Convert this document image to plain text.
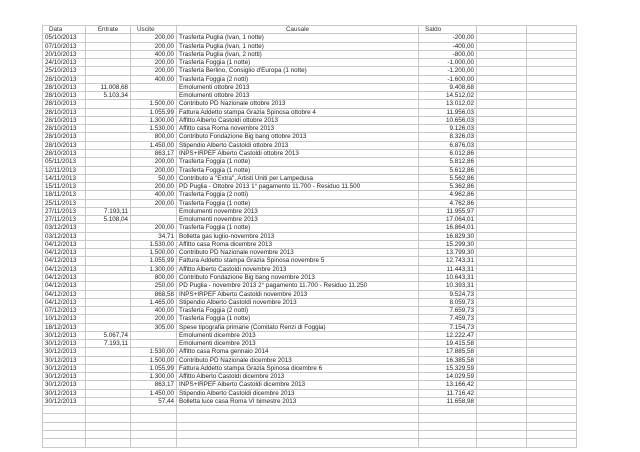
Data	Entrate	Uscite	Causale	Saldo		
05/10/2013		200,00	Trasferta Puglia (Ivan, 1 notte)	-200,00		
07/10/2013		200,00	Trasferta Puglia (Ivan, 1 notte)	-400,00		
20/10/2013		400,00	Trasferta Puglia (Ivan, 2 notti)	-800,00		
24/10/2013		200,00	Trasferta Foggia (1 notte)	-1.000,00		
25/10/2013		200,00	Trasferta Berlino, Consiglio d'Europa (1 notte)	-1.200,00		
28/10/2013		400,00	Trasferta Foggia (2 notti)	-1.600,00		
28/10/2013	11.008,68		Emolumenti ottobre 2013	9.408,68		
28/10/2013	5.103,34		Emolumenti ottobre 2013	14.512,02		
28/10/2013		1.500,00	Contributo PD Nazionale ottobre 2013	13.012,02		
28/10/2013		1.055,99	Fattura Addetto stampa Grazia Spinosa ottobre 4	11.956,03		
28/10/2013		1.300,00	Affitto Alberto Castoldi ottobre 2013	10.656,03		
28/10/2013		1.530,00	Affitto casa Roma novembre 2013	9.126,03		
28/10/2013		800,00	Contributo Fondazione Big bang ottobre 2013	8.326,03		
28/10/2013		1.450,00	Stipendio Alberto Castoldi ottobre 2013	6.876,03		
28/10/2013		863,17	INPS+IRPEF Alberto Castoldi ottobre 2013	6.012,86		
05/11/2013		200,00	Trasferta Foggia (1 notte)	5.812,86		
12/11/2013		200,00	Trasferta Foggia (1 notte)	5.612,86		
14/11/2013		50,00	Contributo a "Extra", Artisti Uniti per Lampedusa	5.562,86		
15/11/2013		200,00	PD Puglia - Ottobre 2013 1° pagamento 11.700 - Residuo 11.500	5.362,86		
18/11/2013		400,00	Trasferta Foggia (2 notti)	4.962,86		
25/11/2013		200,00	Trasferta Foggia (1 notte)	4.762,86		
27/11/2013	7.193,11		Emolumenti novembre 2013	11.955,97		
27/11/2013	5.108,04		Emolumenti novembre 2013	17.064,01		
03/12/2013		200,00	Trasferta Foggia (1 notte)	16.864,01		
03/12/2013		34,71	Bolletta gas luglio-novembre 2013	16.829,30		
04/12/2013		1.530,00	Affitto casa Roma dicembre 2013	15.299,30		
04/12/2013		1.500,00	Contributo PD Nazionale novembre 2013	13.799,30		
04/12/2013		1.055,99	Fattura Addetto stampa Grazia Spinosa novembre 5	12.743,31		
04/12/2013		1.300,00	Affitto Alberto Castoldi novembre 2013	11.443,31		
04/12/2013		800,00	Contributo Fondazione Big bang novembre 2013	10.643,31		
04/12/2013		250,00	PD Puglia - novembre 2013 2° pagamento 11.700 - Residuo 11.250	10.393,31		
04/12/2013		868,58	INPS+IRPEF Alberto Castoldi novembre 2013	9.524,73		
04/12/2013		1.465,00	Stipendio Alberto Castoldi novembre 2013	8.059,73		
07/12/2013		400,00	Trasferta Foggia (2 notti)	7.659,73		
10/12/2013		200,00	Trasferta Foggia (1 notte)	7.459,73		
18/12/2013		305,00	Spese tipografia primarie (Comitato Renzi di Foggia)	7.154,73		
30/12/2013	5.067,74		Emolumenti dicembre 2013	12.222,47		
30/12/2013	7.193,11		Emolumenti dicembre 2013	19.415,58		
30/12/2013		1.530,00	Affitto casa Roma gennaio 2014	17.885,58		
30/12/2013		1.500,00	Contributo PD Nazionale dicembre 2013	16.385,58		
30/12/2013		1.055,99	Fattura Addetto stampa Grazia Spinosa dicembre 6	15.329,59		
30/12/2013		1.300,00	Affitto Alberto Castoldi dicembre 2013	14.029,59		
30/12/2013		863,17	INPS+IRPEF Alberto Castoldi dicembre 2013	13.166,42		
30/12/2013		1.450,00	Stipendio Alberto Castoldi dicembre 2013	11.716,42		
30/12/2013		57,44	Bolletta luce casa Roma VI bimestre 2013	11.658,98		
